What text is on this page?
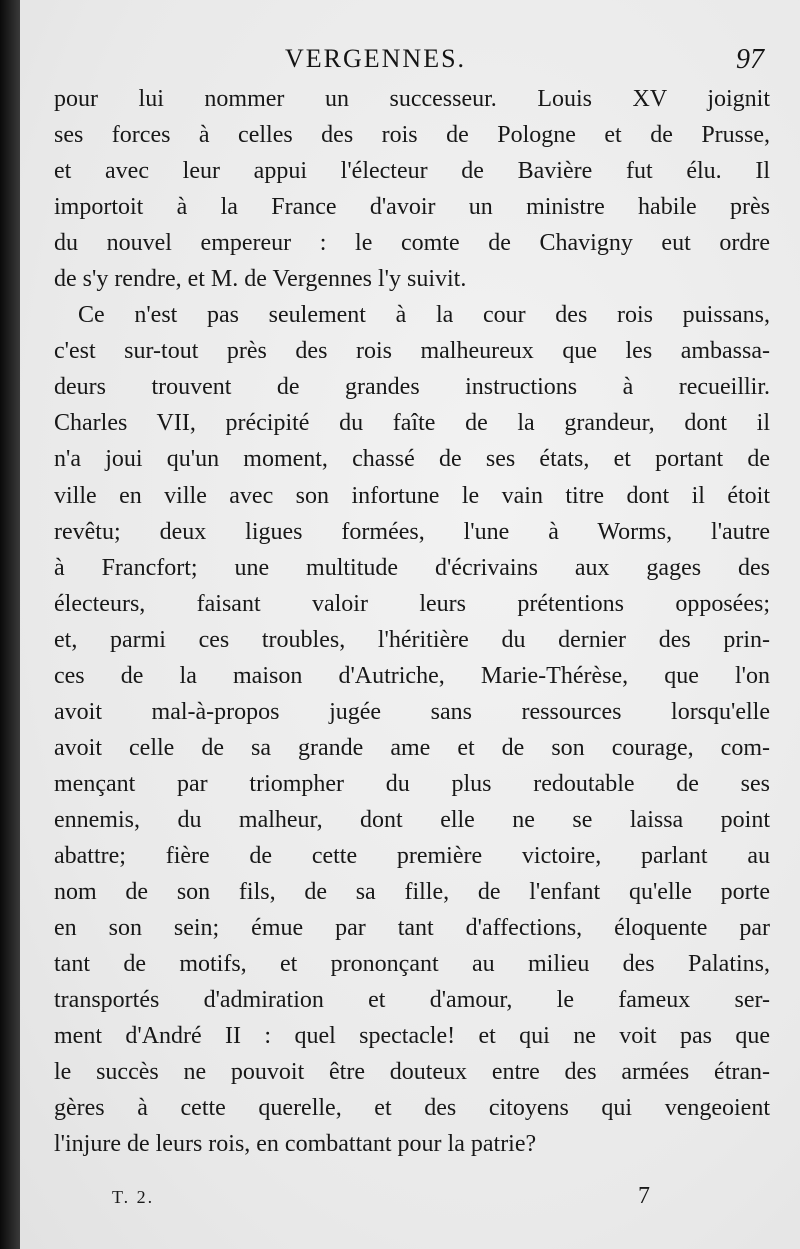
VERGENNES.	97
pour lui nommer un successeur. Louis XV joignit
ses forces à celles des rois de Pologne et de Prusse,
et avec leur appui l'électeur de Bavière fut élu. Il
importoit à la France d'avoir un ministre habile près
du nouvel empereur : le comte de Chavigny eut ordre
de s'y rendre, et M. de Vergennes l'y suivit.
Ce n'est pas seulement à la cour des rois puissans,
c'est sur-tout près des rois malheureux que les ambassa-
deurs trouvent de grandes instructions à recueillir.
Charles VII, précipité du faîte de la grandeur, dont il
n'a joui qu'un moment, chassé de ses états, et portant de
ville en ville avec son infortune le vain titre dont il étoit
revêtu; deux ligues formées, l'une à Worms, l'autre
à Francfort; une multitude d'écrivains aux gages des
électeurs, faisant valoir leurs prétentions opposées;
et, parmi ces troubles, l'héritière du dernier des prin-
ces de la maison d'Autriche, Marie-Thérèse, que l'on
avoit mal-à-propos jugée sans ressources lorsqu'elle
avoit celle de sa grande ame et de son courage, com-
mençant par triompher du plus redoutable de ses
ennemis, du malheur, dont elle ne se laissa point
abattre; fière de cette première victoire, parlant au
nom de son fils, de sa fille, de l'enfant qu'elle porte
en son sein; émue par tant d'affections, éloquente par
tant de motifs, et prononçant au milieu des Palatins,
transportés d'admiration et d'amour, le fameux ser-
ment d'André II : quel spectacle! et qui ne voit pas que
le succès ne pouvoit être douteux entre des armées étran-
gères à cette querelle, et des citoyens qui vengeoient
l'injure de leurs rois, en combattant pour la patrie?
T. 2.	7
